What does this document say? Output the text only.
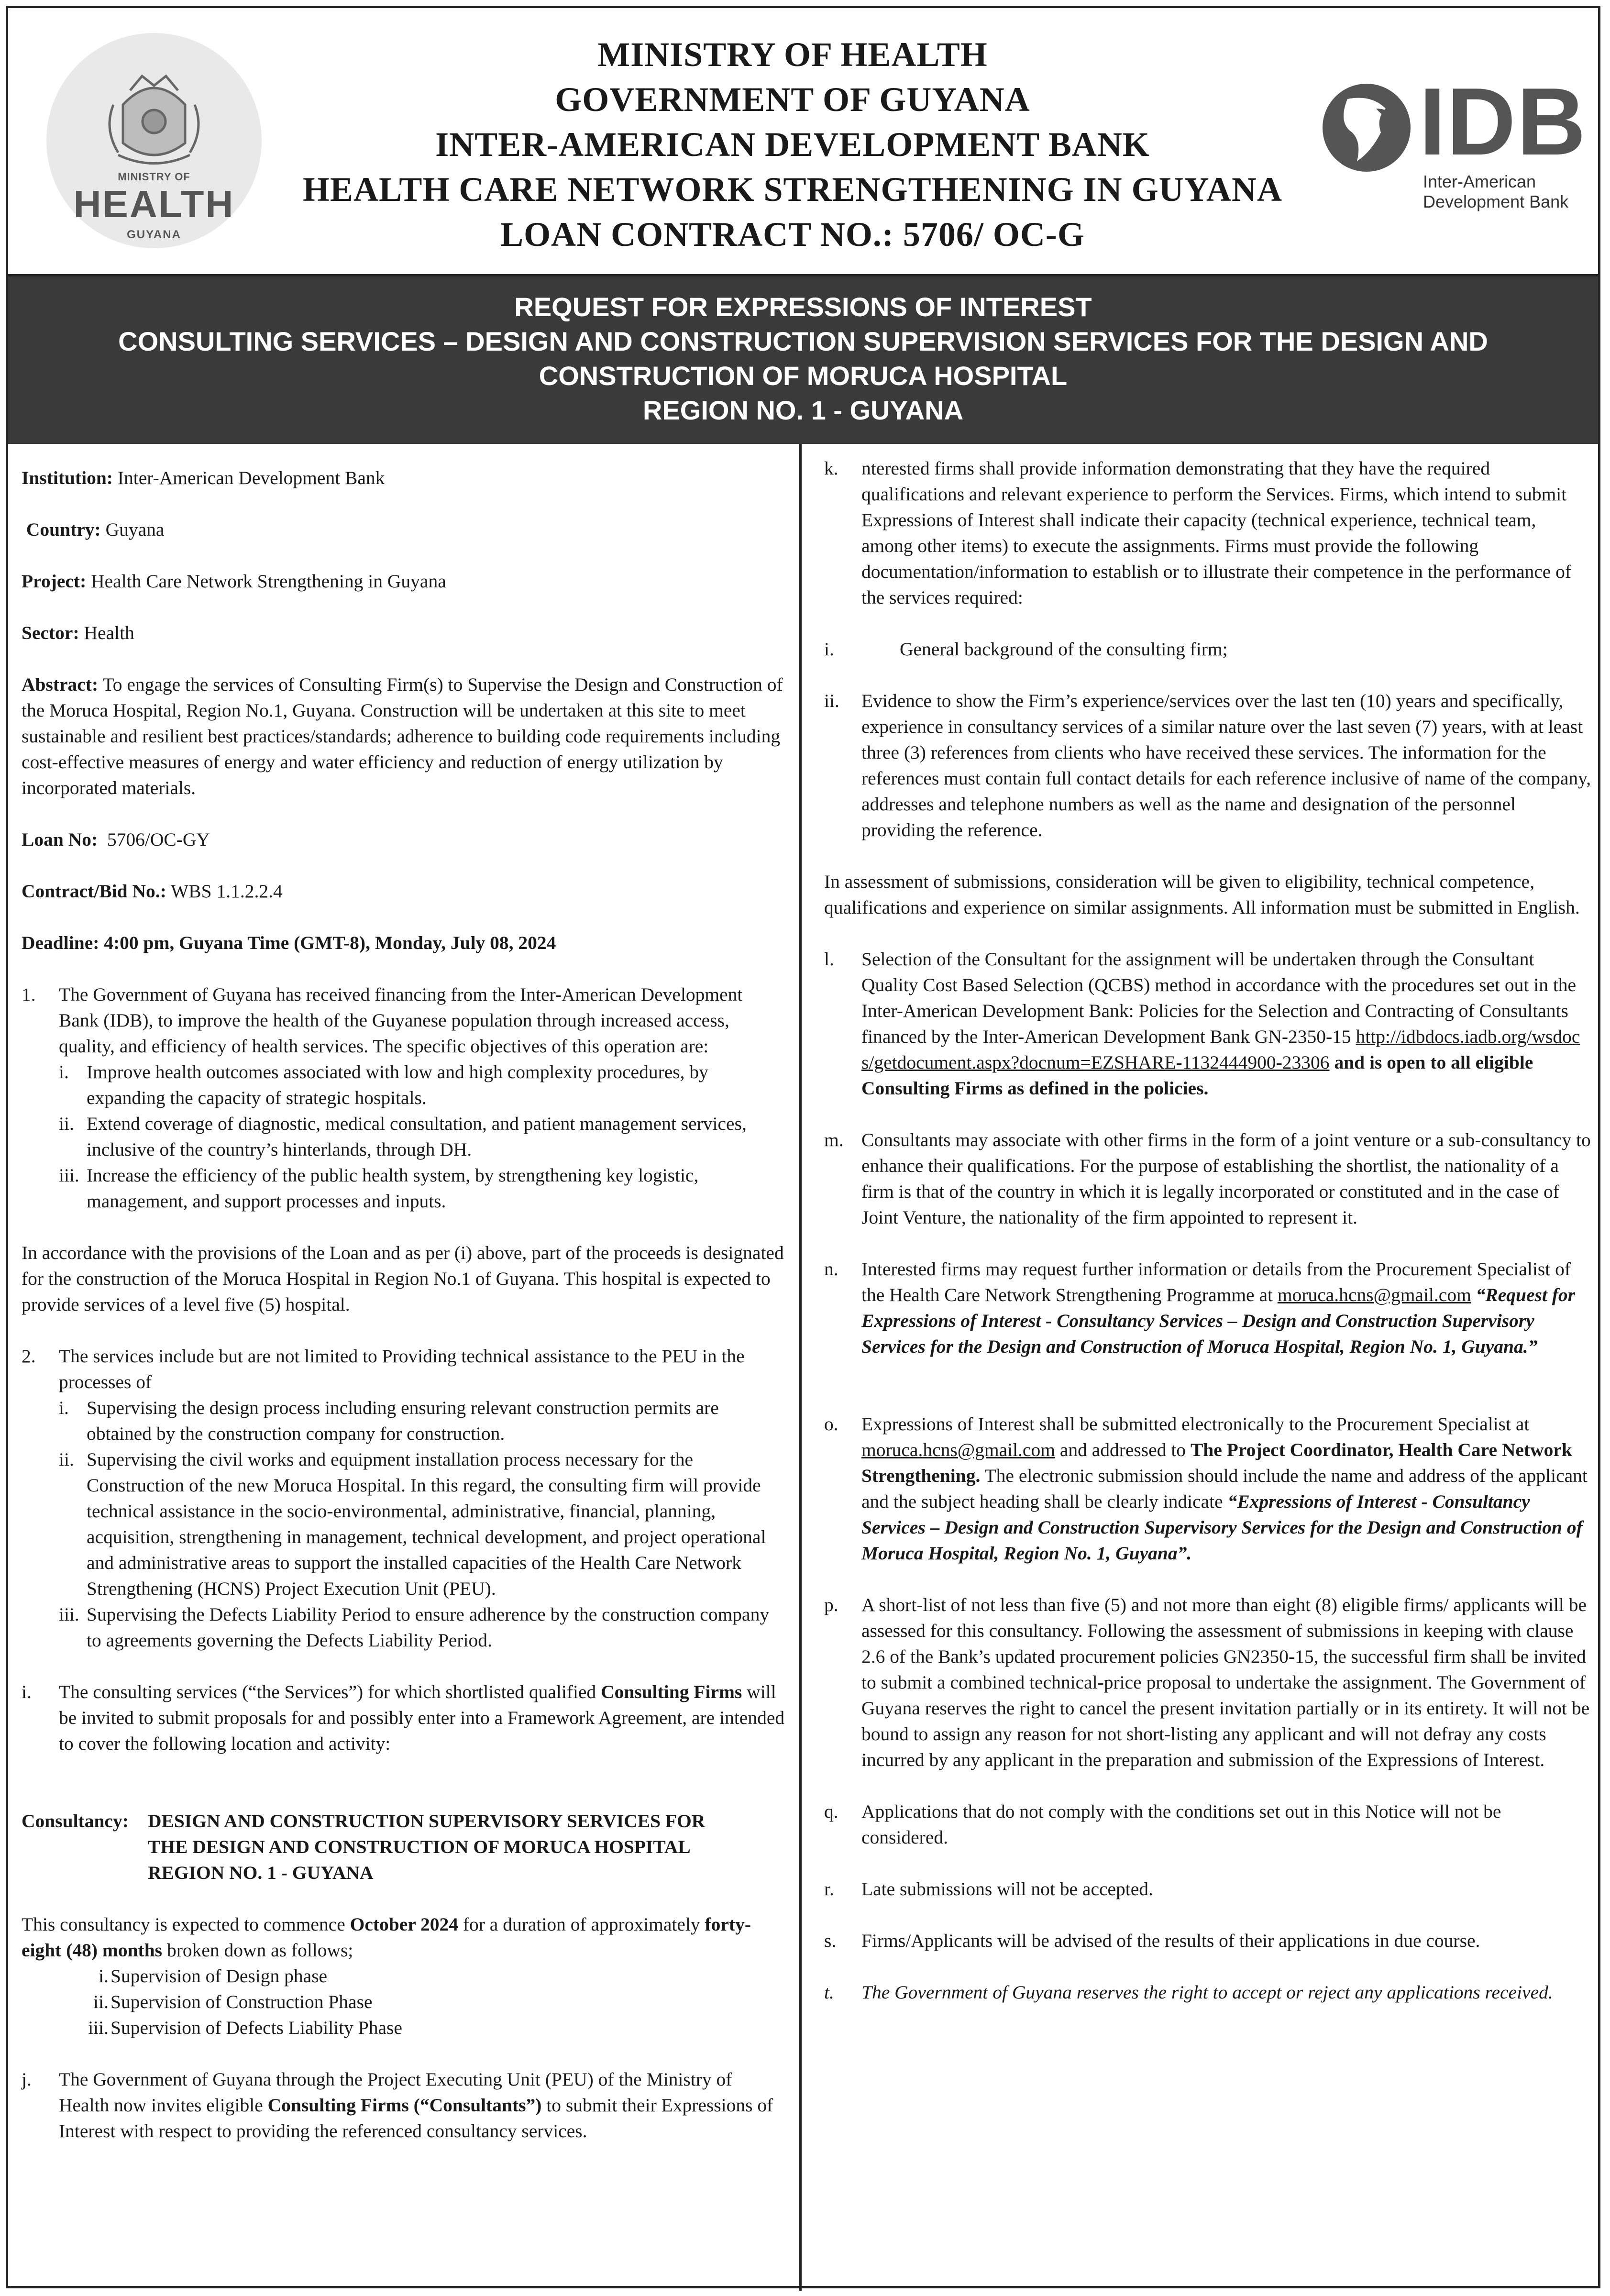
MINISTRY OF
HEALTH
GUYANA
MINISTRY OF HEALTH
GOVERNMENT OF GUYANA
INTER-AMERICAN DEVELOPMENT BANK
HEALTH CARE NETWORK STRENGTHENING IN GUYANA
LOAN CONTRACT NO.: 5706/ OC-G
IDB
Inter-American
Development Bank
REQUEST FOR EXPRESSIONS OF INTEREST
CONSULTING SERVICES – DESIGN AND CONSTRUCTION SUPERVISION SERVICES FOR THE DESIGN AND
CONSTRUCTION OF MORUCA HOSPITAL
REGION NO. 1 - GUYANA

Institution: Inter-American Development Bank

Country: Guyana

Project: Health Care Network Strengthening in Guyana

Sector: Health

Abstract: To engage the services of Consulting Firm(s) to Supervise the Design and Construction of the Moruca Hospital, Region No.1, Guyana. Construction will be undertaken at this site to meet sustainable and resilient best practices/standards; adherence to building code requirements including cost-effective measures of energy and water efficiency and reduction of energy utilization by incorporated materials.

Loan No:  5706/OC-GY

Contract/Bid No.: WBS 1.1.2.2.4

Deadline: 4:00 pm, Guyana Time (GMT-8), Monday, July 08, 2024

1. The Government of Guyana has received financing from the Inter-American Development Bank (IDB), to improve the health of the Guyanese population through increased access, quality, and efficiency of health services. The specific objectives of this operation are:
i. Improve health outcomes associated with low and high complexity procedures, by expanding the capacity of strategic hospitals.
ii. Extend coverage of diagnostic, medical consultation, and patient management services, inclusive of the country’s hinterlands, through DH.
iii. Increase the efficiency of the public health system, by strengthening key logistic, management, and support processes and inputs.

In accordance with the provisions of the Loan and as per (i) above, part of the proceeds is designated for the construction of the Moruca Hospital in Region No.1 of Guyana. This hospital is expected to provide services of a level five (5) hospital.

2. The services include but are not limited to Providing technical assistance to the PEU in the processes of
i. Supervising the design process including ensuring relevant construction permits are obtained by the construction company for construction.
ii. Supervising the civil works and equipment installation process necessary for the Construction of the new Moruca Hospital. In this regard, the consulting firm will provide technical assistance in the socio-environmental, administrative, financial, planning, acquisition, strengthening in management, technical development, and project operational and administrative areas to support the installed capacities of the Health Care Network Strengthening (HCNS) Project Execution Unit (PEU).
iii. Supervising the Defects Liability Period to ensure adherence by the construction company to agreements governing the Defects Liability Period.
i. The consulting services (“the Services”) for which shortlisted qualified Consulting Firms will be invited to submit proposals for and possibly enter into a Framework Agreement, are intended to cover the following location and activity:
Consultancy: DESIGN AND CONSTRUCTION SUPERVISORY SERVICES FOR
THE DESIGN AND CONSTRUCTION OF MORUCA HOSPITAL
REGION NO. 1 - GUYANA

This consultancy is expected to commence October 2024 for a duration of approximately forty-eight (48) months broken down as follows;

i. Supervision of Design phase
ii. Supervision of Construction Phase
iii. Supervision of Defects Liability Phase
j. The Government of Guyana through the Project Executing Unit (PEU) of the Ministry of Health now invites eligible Consulting Firms (“Consultants”) to submit their Expressions of Interest with respect to providing the referenced consultancy services.
k. nterested firms shall provide information demonstrating that they have the required qualifications and relevant experience to perform the Services. Firms, which intend to submit Expressions of Interest shall indicate their capacity (technical experience, technical team, among other items) to execute the assignments. Firms must provide the following documentation/information to establish or to illustrate their competence in the performance of the services required:
i.	General background of the consulting firm;
ii. Evidence to show the Firm’s experience/services over the last ten (10) years and specifically, experience in consultancy services of a similar nature over the last seven (7) years, with at least three (3) references from clients who have received these services. The information for the references must contain full contact details for each reference inclusive of name of the company, addresses and telephone numbers as well as the name and designation of the personnel providing the reference.

In assessment of submissions, consideration will be given to eligibility, technical competence, qualifications and experience on similar assignments. All information must be submitted in English.

l. Selection of the Consultant for the assignment will be undertaken through the Consultant Quality Cost Based Selection (QCBS) method in accordance with the procedures set out in the Inter-American Development Bank: Policies for the Selection and Contracting of Consultants financed by the Inter-American Development Bank GN-2350-15 http://idbdocs.iadb.org/wsdocs/getdocument.aspx?docnum=EZSHARE-1132444900-23306 and is open to all eligible Consulting Firms as defined in the policies.
m. Consultants may associate with other firms in the form of a joint venture or a sub-consultancy to enhance their qualifications. For the purpose of establishing the shortlist, the nationality of a firm is that of the country in which it is legally incorporated or constituted and in the case of Joint Venture, the nationality of the firm appointed to represent it.
n. Interested firms may request further information or details from the Procurement Specialist of the Health Care Network Strengthening Programme at moruca.hcns@gmail.com “Request for Expressions of Interest - Consultancy Services – Design and Construction Supervisory Services for the Design and Construction of Moruca Hospital, Region No. 1, Guyana.”
o. Expressions of Interest shall be submitted electronically to the Procurement Specialist at moruca.hcns@gmail.com and addressed to The Project Coordinator, Health Care Network Strengthening. The electronic submission should include the name and address of the applicant and the subject heading shall be clearly indicate “Expressions of Interest - Consultancy Services – Design and Construction Supervisory Services for the Design and Construction of Moruca Hospital, Region No. 1, Guyana”.
p. A short-list of not less than five (5) and not more than eight (8) eligible firms/ applicants will be assessed for this consultancy. Following the assessment of submissions in keeping with clause 2.6 of the Bank’s updated procurement policies GN2350-15, the successful firm shall be invited to submit a combined technical-price proposal to undertake the assignment. The Government of Guyana reserves the right to cancel the present invitation partially or in its entirety. It will not be bound to assign any reason for not short-listing any applicant and will not defray any costs incurred by any applicant in the preparation and submission of the Expressions of Interest.
q. Applications that do not comply with the conditions set out in this Notice will not be considered.
r. Late submissions will not be accepted.
s. Firms/Applicants will be advised of the results of their applications in due course.
t. The Government of Guyana reserves the right to accept or reject any applications received.
